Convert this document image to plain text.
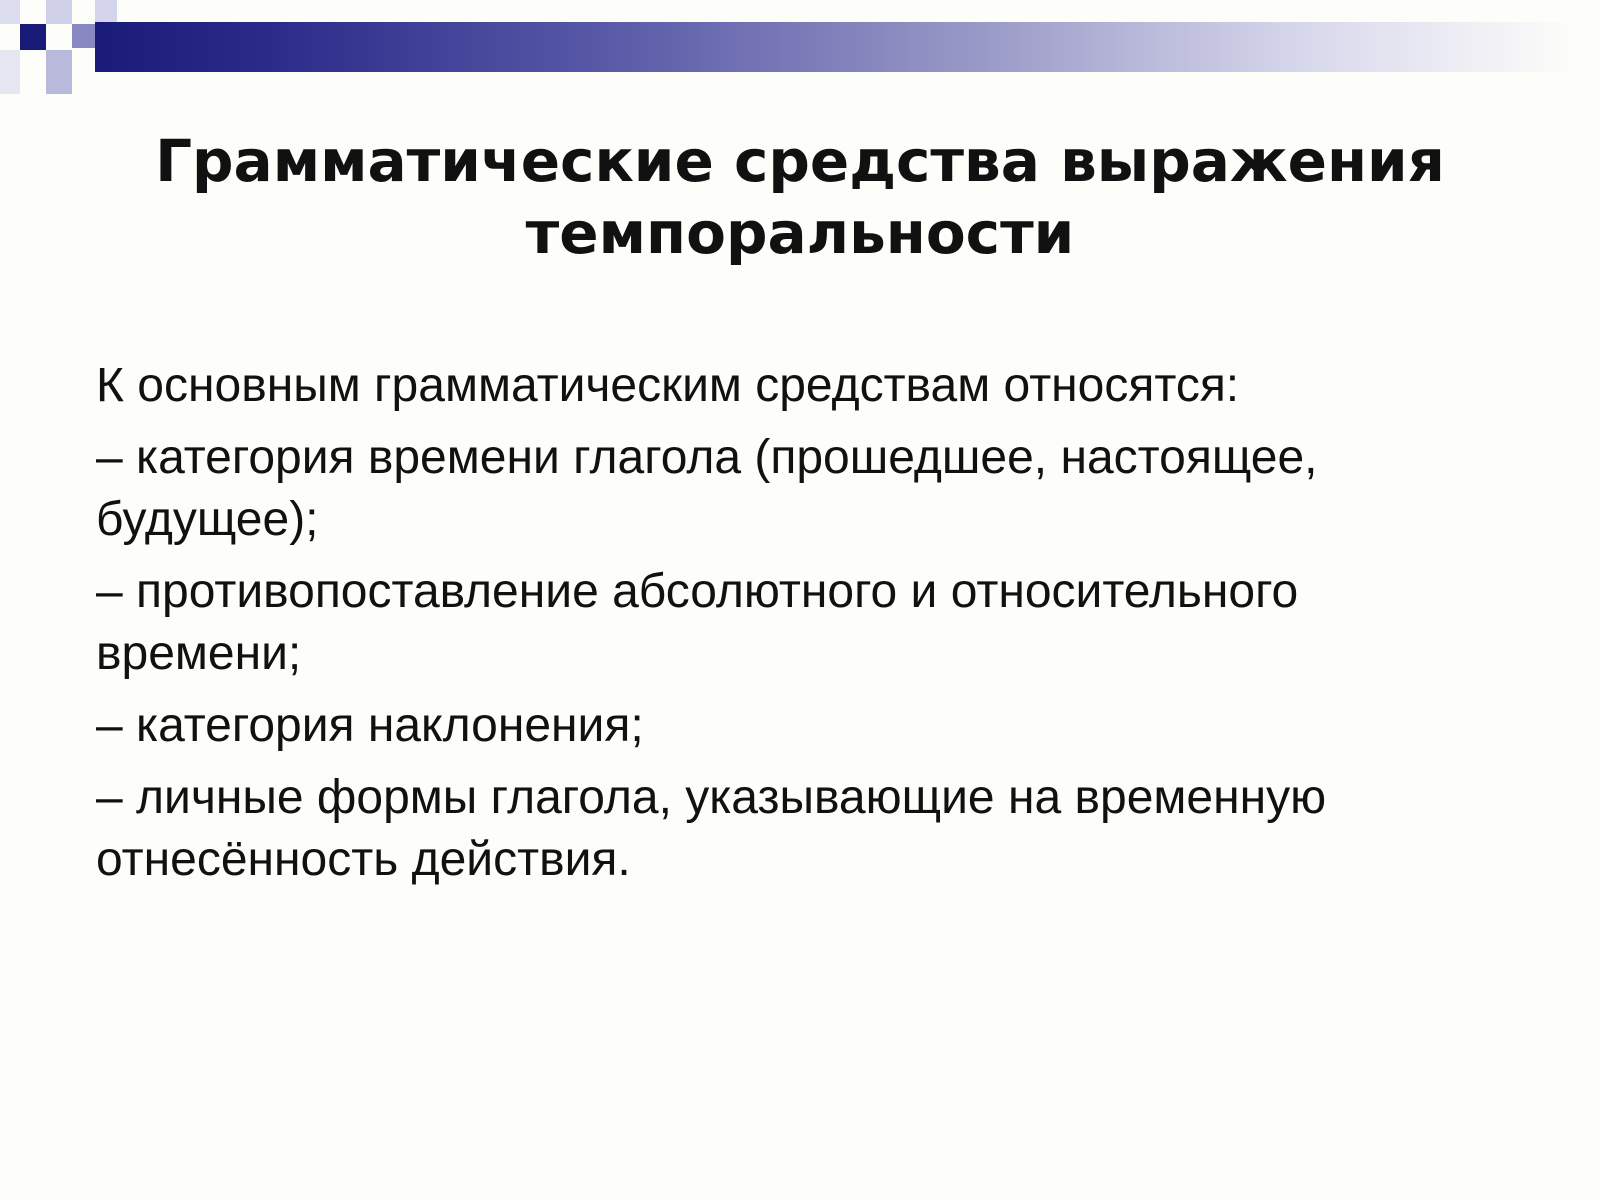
Грамматические средства выражения темпоральности

К основным грамматическим средствам относятся:

– категория времени глагола (прошедшее, настоящее, будущее);

– противопоставление абсолютного и относительного времени;

– категория наклонения;

– личные формы глагола, указывающие на временную отнесённость действия.
